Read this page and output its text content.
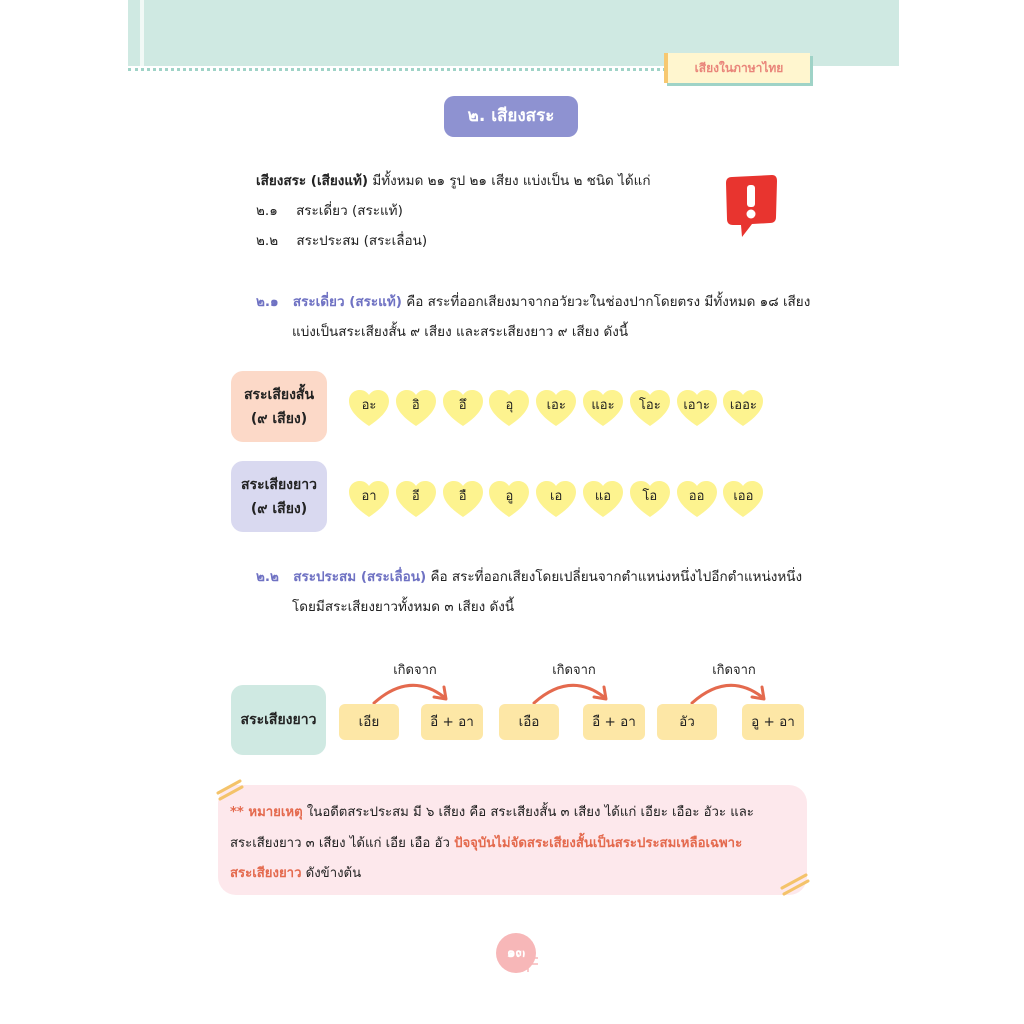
เสียงในภาษาไทย
๒. เสียงสระ
เสียงสระ (เสียงแท้) มีทั้งหมด ๒๑ รูป ๒๑ เสียง แบ่งเป็น ๒ ชนิด ได้แก่
๒.๑ สระเดี่ยว (สระแท้)
๒.๒ สระประสม (สระเลื่อน)
๒.๑ สระเดี่ยว (สระแท้) คือ สระที่ออกเสียงมาจากอวัยวะในช่องปากโดยตรง มีทั้งหมด ๑๘ เสียง
แบ่งเป็นสระเสียงสั้น ๙ เสียง และสระเสียงยาว ๙ เสียง ดังนี้
สระเสียงสั้น
(๙ เสียง)
สระเสียงยาว
(๙ เสียง)
อะ	อิ	อึ	อุ	เอะ	แอะ	โอะ	เอาะ	เออะ
อา	อี	อื	อู	เอ	แอ	โอ	ออ	เออ
๒.๒ สระประสม (สระเลื่อน) คือ สระที่ออกเสียงโดยเปลี่ยนจากตำแหน่งหนึ่งไปอีกตำแหน่งหนึ่ง
โดยมีสระเสียงยาวทั้งหมด ๓ เสียง ดังนี้
สระเสียงยาว
เกิดจาก
เอีย	อี + อา
เกิดจาก
เอือ	อื + อา
เกิดจาก
อัว	อู + อา
** หมายเหตุ ในอดีตสระประสม มี ๖ เสียง คือ สระเสียงสั้น ๓ เสียง ได้แก่ เอียะ เอือะ อัวะ และ
สระเสียงยาว ๓ เสียง ได้แก่ เอีย เอือ อัว ปัจจุบันไม่จัดสระเสียงสั้นเป็นสระประสมเหลือเฉพาะ
สระเสียงยาว ดังข้างต้น
๑๓
